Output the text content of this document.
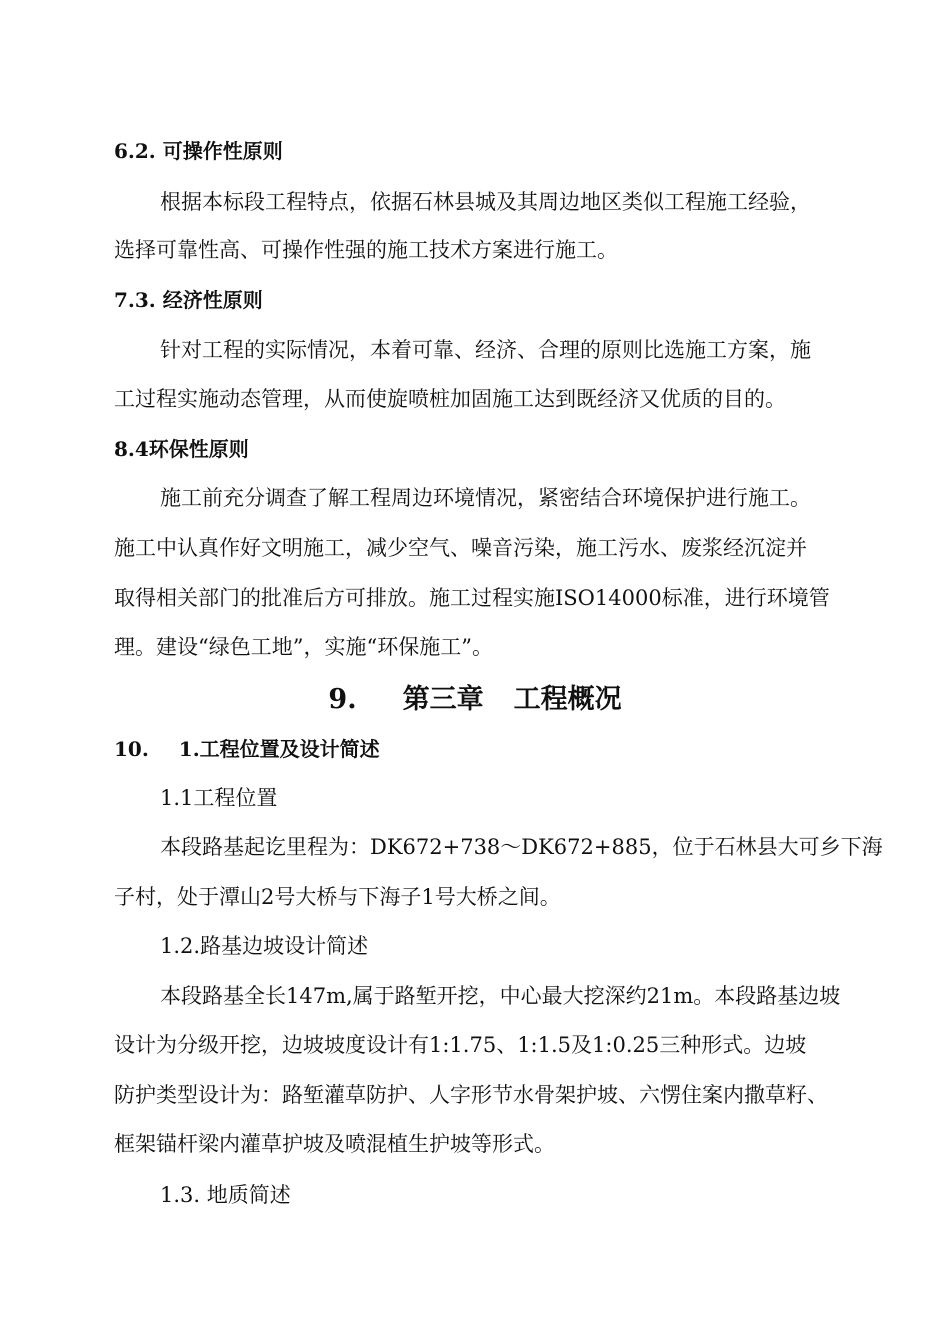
6.2. 可操作性原则
根据本标段工程特点，依据石林县城及其周边地区类似工程施工经验，
选择可靠性高、可操作性强的施工技术方案进行施工。
7.3. 经济性原则
针对工程的实际情况，本着可靠、经济、合理的原则比选施工方案，施
工过程实施动态管理，从而使旋喷桩加固施工达到既经济又优质的目的。
8.4环保性原则
施工前充分调查了解工程周边环境情况，紧密结合环境保护进行施工。
施工中认真作好文明施工，减少空气、噪音污染，施工污水、废浆经沉淀并
取得相关部门的批准后方可排放。施工过程实施ISO14000标准，进行环境管
理。建设“绿色工地”，实施“环保施工”。
9. 第三章 工程概况
10. 1.工程位置及设计简述
1.1工程位置
本段路基起讫里程为：DK672+738～DK672+885，位于石林县大可乡下海
子村，处于潭山2号大桥与下海子1号大桥之间。
1.2.路基边坡设计简述
本段路基全长147m,属于路堑开挖，中心最大挖深约21m。本段路基边坡
设计为分级开挖，边坡坡度设计有1:1.75、1:1.5及1:0.25三种形式。边坡
防护类型设计为：路堑灌草防护、人字形节水骨架护坡、六愣住案内撒草籽、
框架锚杆梁内灌草护坡及喷混植生护坡等形式。
1.3. 地质简述
